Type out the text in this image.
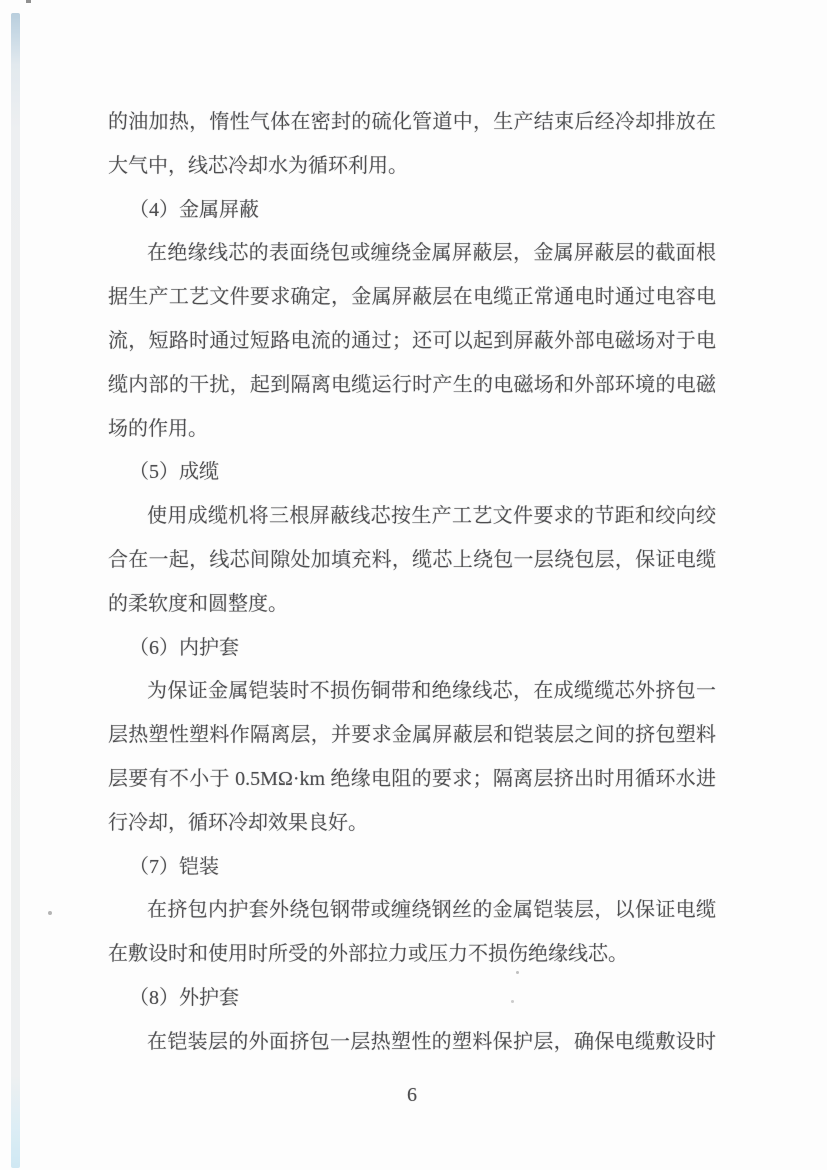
的油加热，惰性气体在密封的硫化管道中，生产结束后经冷却排放在
大气中，线芯冷却水为循环利用。
（4）金属屏蔽
在绝缘线芯的表面绕包或缠绕金属屏蔽层，金属屏蔽层的截面根
据生产工艺文件要求确定，金属屏蔽层在电缆正常通电时通过电容电
流，短路时通过短路电流的通过；还可以起到屏蔽外部电磁场对于电
缆内部的干扰，起到隔离电缆运行时产生的电磁场和外部环境的电磁
场的作用。
（5）成缆
使用成缆机将三根屏蔽线芯按生产工艺文件要求的节距和绞向绞
合在一起，线芯间隙处加填充料，缆芯上绕包一层绕包层，保证电缆
的柔软度和圆整度。
（6）内护套
为保证金属铠装时不损伤铜带和绝缘线芯，在成缆缆芯外挤包一
层热塑性塑料作隔离层，并要求金属屏蔽层和铠装层之间的挤包塑料
层要有不小于 0.5MΩ·km 绝缘电阻的要求；隔离层挤出时用循环水进
行冷却，循环冷却效果良好。
（7）铠装
在挤包内护套外绕包钢带或缠绕钢丝的金属铠装层，以保证电缆
在敷设时和使用时所受的外部拉力或压力不损伤绝缘线芯。
（8）外护套
在铠装层的外面挤包一层热塑性的塑料保护层，确保电缆敷设时
6
